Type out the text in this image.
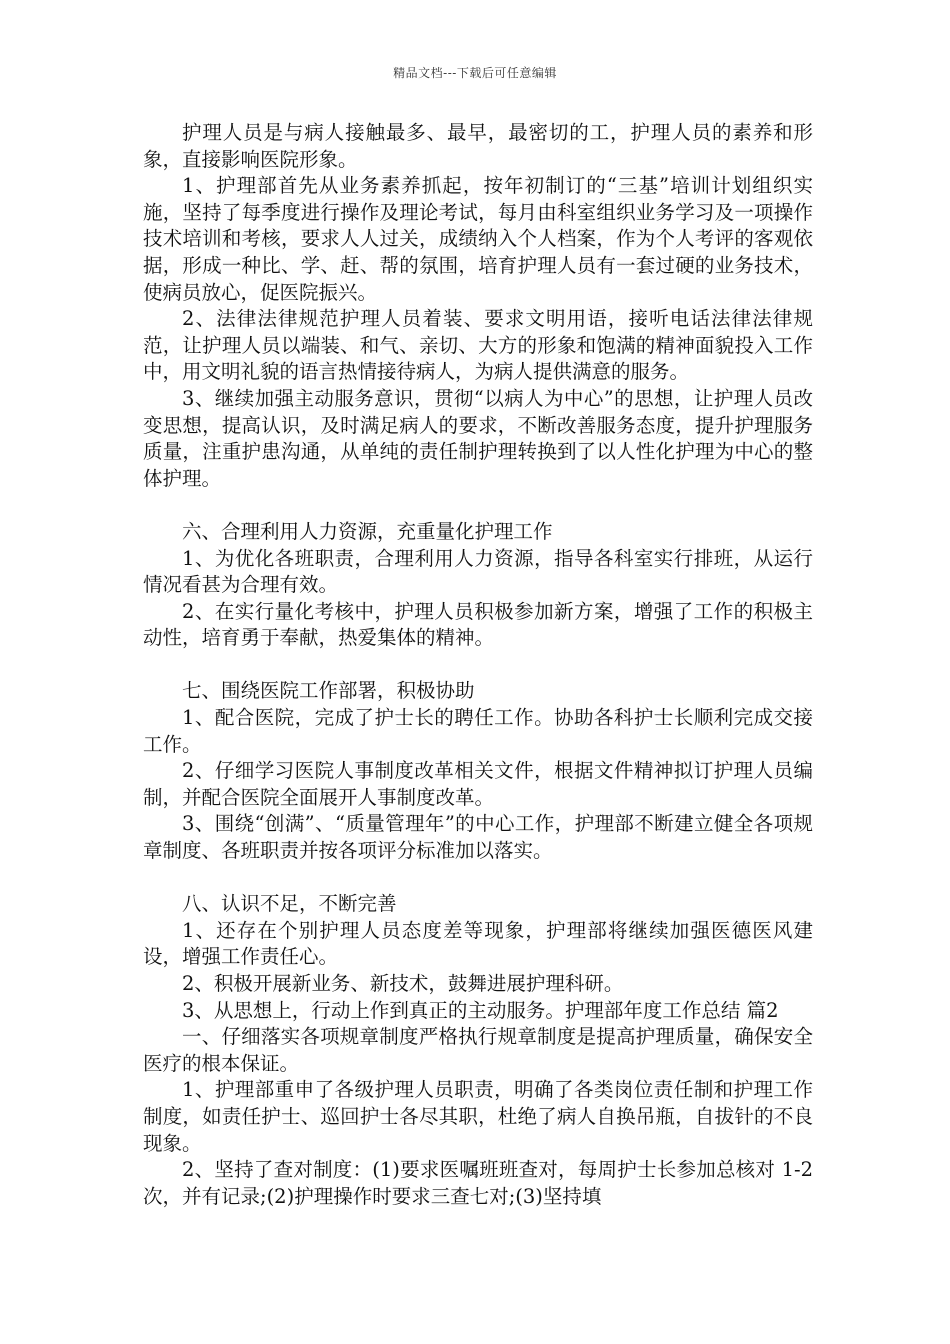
精品文档---下载后可任意编辑

护理人员是与病人接触最多、最早，最密切的工，护理人员的素养和形象，直接影响医院形象。

1、护理部首先从业务素养抓起，按年初制订的“三基”培训计划组织实施，坚持了每季度进行操作及理论考试，每月由科室组织业务学习及一项操作技术培训和考核，要求人人过关，成绩纳入个人档案，作为个人考评的客观依据，形成一种比、学、赶、帮的氛围，培育护理人员有一套过硬的业务技术，使病员放心，促医院振兴。

2、法律法律规范护理人员着装、要求文明用语，接听电话法律法律规范，让护理人员以端装、和气、亲切、大方的形象和饱满的精神面貌投入工作中，用文明礼貌的语言热情接待病人，为病人提供满意的服务。

3、继续加强主动服务意识，贯彻“以病人为中心”的思想，让护理人员改变思想，提高认识，及时满足病人的要求，不断改善服务态度，提升护理服务质量，注重护患沟通，从单纯的责任制护理转换到了以人性化护理为中心的整体护理。

六、合理利用人力资源，充重量化护理工作

1、为优化各班职责，合理利用人力资源，指导各科室实行排班，从运行情况看甚为合理有效。

2、在实行量化考核中，护理人员积极参加新方案，增强了工作的积极主动性，培育勇于奉献，热爱集体的精神。

七、围绕医院工作部署，积极协助

1、配合医院，完成了护士长的聘任工作。协助各科护士长顺利完成交接工作。

2、仔细学习医院人事制度改革相关文件，根据文件精神拟订护理人员编制，并配合医院全面展开人事制度改革。

3、围绕“创满”、“质量管理年”的中心工作，护理部不断建立健全各项规章制度、各班职责并按各项评分标准加以落实。

八、认识不足，不断完善

1、还存在个别护理人员态度差等现象，护理部将继续加强医德医风建设，增强工作责任心。

2、积极开展新业务、新技术，鼓舞进展护理科研。

3、从思想上，行动上作到真正的主动服务。护理部年度工作总结 篇2

一、仔细落实各项规章制度严格执行规章制度是提高护理质量，确保安全医疗的根本保证。

1、护理部重申了各级护理人员职责，明确了各类岗位责任制和护理工作制度，如责任护士、巡回护士各尽其职，杜绝了病人自换吊瓶，自拔针的不良现象。

2、坚持了查对制度：(1)要求医嘱班班查对，每周护士长参加总核对 1-2 次，并有记录;(2)护理操作时要求三查七对;(3)坚持填
